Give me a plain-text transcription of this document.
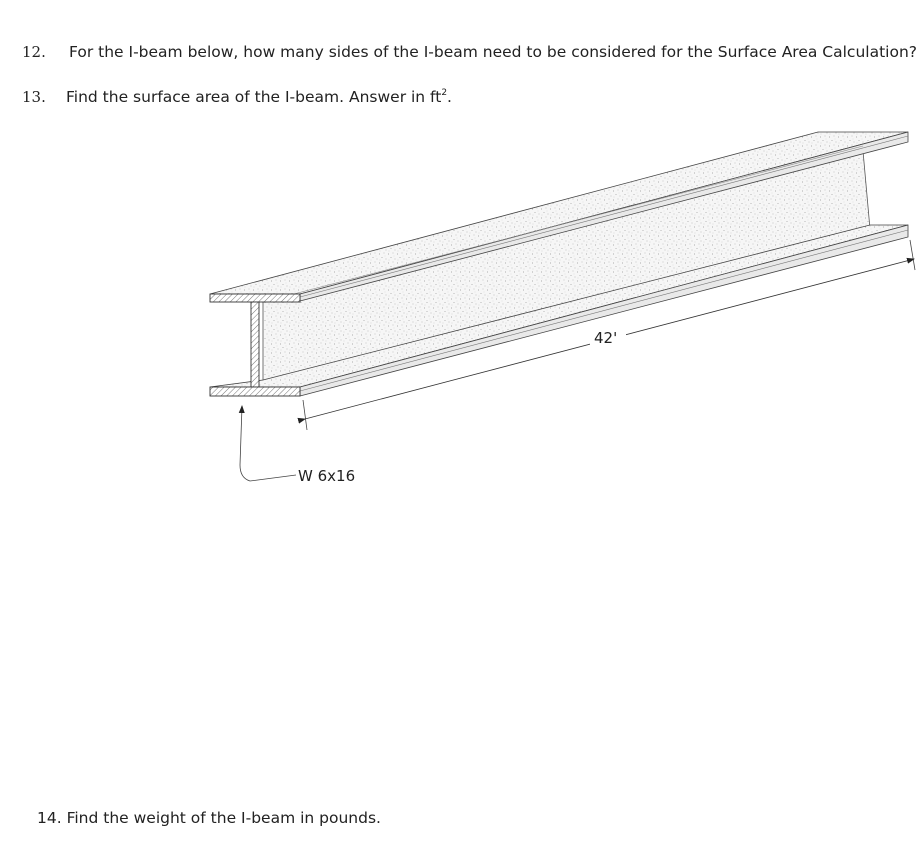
12. For the I-beam below, how many sides of the I-beam need to be considered for the Surface Area Calculation?
13. Find the surface area of the I-beam. Answer in $ft^2$.
42'
W 6x16
14. Find the weight of the I-beam in pounds.
